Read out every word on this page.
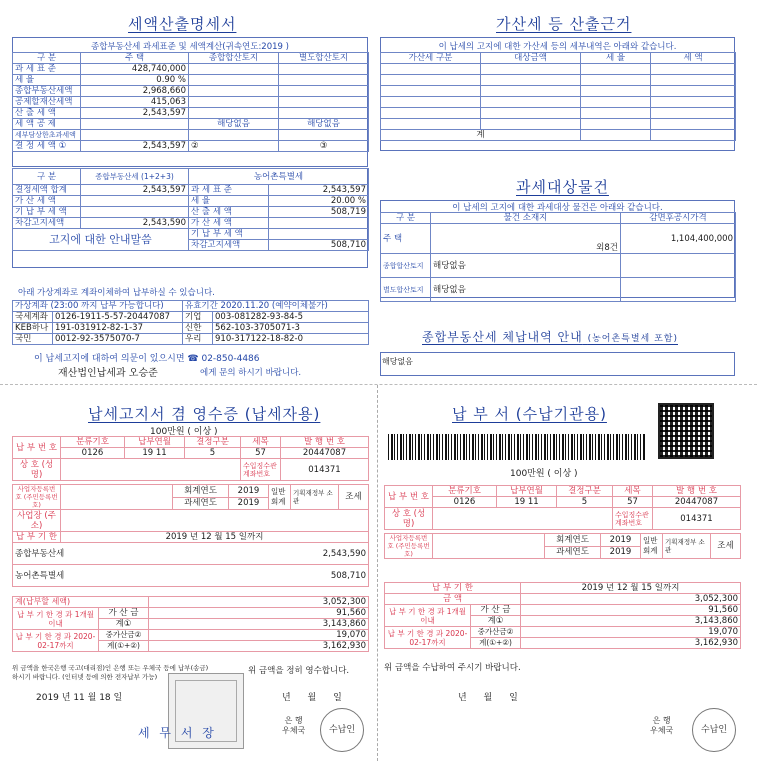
세액산출명세서
종합부동산세 과세표준 및 세액계산(귀속연도:2019 )
구 분	주 택	종합합산토지	별도합산토지
과 세 표 준	428,740,000		
세 율	0.90 %		
종합부동산세액	2,968,660		
공제할재산세액	415,063		
산 출 세 액	2,543,597		
세 액 공 제		해당없음	해당없음
세부담상한초과세액			
결 정 세 액 ①	2,543,597	②	③
구 분	종합부동산세 (1+2+3)	농어촌특별세	
결정세액 합계	2,543,597	과 세 표 준	2,543,597
가 산 세 액		세 율	20.00 %
기 납 부 세 액		산 출 세 액	508,719
차감고지세액	2,543,590	가 산 세 액	
고지에 대한 안내말씀		기 납 부 세 액	
		차감고지세액	508,710
아래 가상계좌로 계좌이체하여 납부하실 수 있습니다.
가상계좌 (23:00 까지 납부 가능합니다)		유효기간 2020.11.20 (예약이체불가)	
국세계좌	0126-1911-5-57-20447087	기업	003-081282-93-84-5
KEB하나	191-031912-82-1-37	신한	562-103-3705071-3
국민	0012-92-3575070-7	우리	910-317122-18-82-0
이 납세고지에 대하여 의문이 있으시면 ☎ 02-850-4486
재산법인납세과 오승준	에게 문의 하시기 바랍니다.
가산세 등 산출근거
이 납세의 고지에 대한 가산세 등의 세부내역은 아래와 같습니다.
가산세 구분	대상금액	세 율	세 액

계			
과세대상물건
이 납세의 고지에 대한 과세대상 물건은 아래와 같습니다.
구 분	물건 소재지	감면후공시가격
주 택	외8건	1,104,400,000
종합합산토지	해당없음	
별도합산토지	해당없음	
종합부동산세 체납내역 안내 (농어촌특별세 포함)
해당없음
납세고지서 겸 영수증 (납세자용)
100만원 ( 이상 )
납 부 번 호	분류기호	납부연월	결정구분	세목	발 행 번 호
	0126	19 11	5	57	20447087
상 호 (성명)				수입징수관 계좌번호	014371
사업자등록번호 (주민등록번호)		회계연도	2019	일반 회계	기획재정부 소 관	조세
		과세연도	2019			
사업장 (주소)						
납 부 기 한	2019 년 12 월 15 일까지
종합부동산세	2,543,590

농어촌특별세	508,710
계(납부할 세액)		3,052,300
납 부 기 한 경 과 1개월 이내	가 산 금	91,560
	계①	3,143,860
납 부 기 한 경 과 2020-02-17까지	중가산금②	19,070
	계(①+②)	3,162,930
위 금액을 한국은행 국고(대리점)인 은행 또는 우체국 등에 납부(송금)하시기 바랍니다. (인터넷 등에 의한 전자납부 가능)
위 금액을 정히 영수합니다.
2019 년 11 월 18 일	년 월 일
은 행
우체국	수납인
세 무 서 장
납 부 서 (수납기관용)
100만원 ( 이상 )
납 부 번 호	분류기호	납부연월	결정구분	세목	발 행 번 호
	0126	19 11	5	57	20447087
상 호 (성명)				수입징수관 계좌번호	014371
사업자등록번호 (주민등록번호)		회계연도	2019	일반 회계	기획재정부 소 관	조세
		과세연도	2019			
납 부 기 한		2019 년 12 월 15 일까지
금 액		3,052,300
납 부 기 한 경 과 1개월 이내	가 산 금	91,560
	계①	3,143,860
납 부 기 한 경 과 2020-02-17까지	중가산금②	19,070
	계(①+②)	3,162,930
위 금액을 수납하여 주시기 바랍니다.
년 월 일
은 행
우체국	수납인
